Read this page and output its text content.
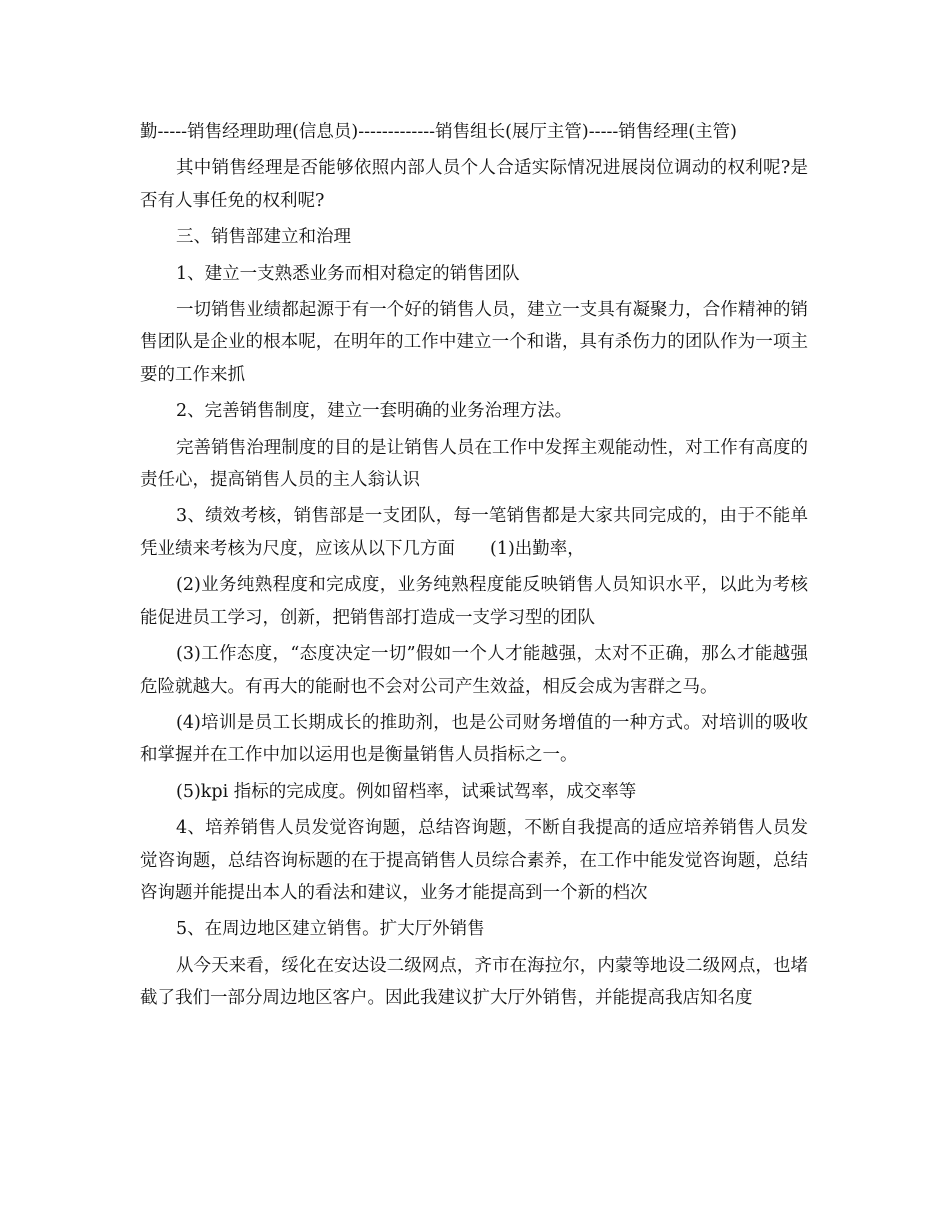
勤-----销售经理助理(信息员)-------------销售组长(展厅主管)-----销售经理(主管)

其中销售经理是否能够依照内部人员个人合适实际情况进展岗位调动的权利呢?是否有人事任免的权利呢?

三、销售部建立和治理

1、建立一支熟悉业务而相对稳定的销售团队

一切销售业绩都起源于有一个好的销售人员，建立一支具有凝聚力，合作精神的销售团队是企业的根本呢，在明年的工作中建立一个和谐，具有杀伤力的团队作为一项主要的工作来抓

2、完善销售制度，建立一套明确的业务治理方法。

完善销售治理制度的目的是让销售人员在工作中发挥主观能动性，对工作有高度的责任心，提高销售人员的主人翁认识

3、绩效考核，销售部是一支团队，每一笔销售都是大家共同完成的，由于不能单凭业绩来考核为尺度，应该从以下几方面　　(1)出勤率，

(2)业务纯熟程度和完成度，业务纯熟程度能反映销售人员知识水平，以此为考核能促进员工学习，创新，把销售部打造成一支学习型的团队

(3)工作态度，“态度决定一切”假如一个人才能越强，太对不正确，那么才能越强危险就越大。有再大的能耐也不会对公司产生效益，相反会成为害群之马。

(4)培训是员工长期成长的推助剂，也是公司财务增值的一种方式。对培训的吸收和掌握并在工作中加以运用也是衡量销售人员指标之一。

(5)kpi 指标的完成度。例如留档率，试乘试驾率，成交率等

4、培养销售人员发觉咨询题，总结咨询题，不断自我提高的适应培养销售人员发觉咨询题，总结咨询标题的在于提高销售人员综合素养，在工作中能发觉咨询题，总结咨询题并能提出本人的看法和建议，业务才能提高到一个新的档次

5、在周边地区建立销售。扩大厅外销售

从今天来看，绥化在安达设二级网点，齐市在海拉尔，内蒙等地设二级网点，也堵截了我们一部分周边地区客户。因此我建议扩大厅外销售，并能提高我店知名度
